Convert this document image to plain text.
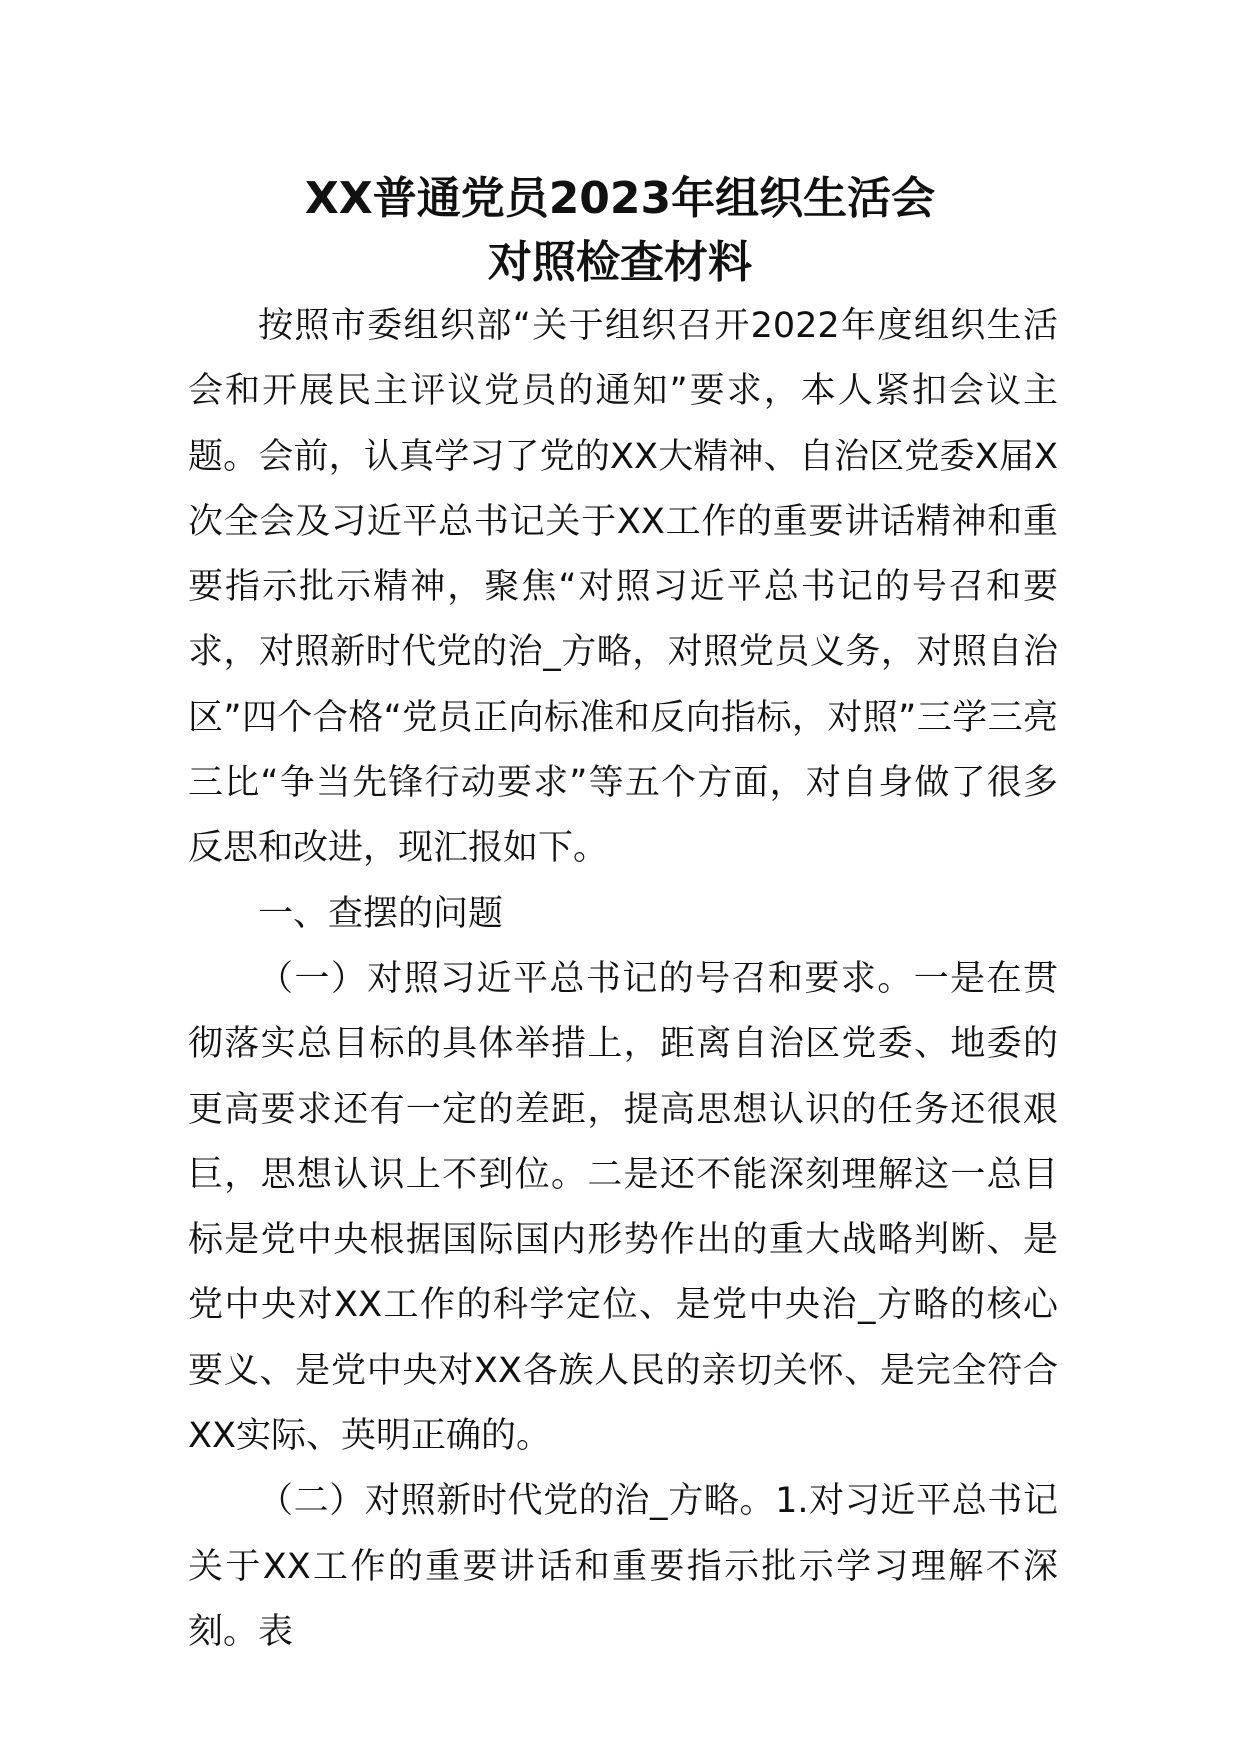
XX普通党员2023年组织生活会
对照检查材料

按照市委组织部“关于组织召开2022年度组织生活会和开展民主评议党员的通知”要求，本人紧扣会议主题。会前，认真学习了党的XX大精神、自治区党委X届X次全会及习近平总书记关于XX工作的重要讲话精神和重要指示批示精神，聚焦“对照习近平总书记的号召和要求，对照新时代党的治_方略，对照党员义务，对照自治区”四个合格“党员正向标准和反向指标，对照”三学三亮三比“争当先锋行动要求”等五个方面，对自身做了很多反思和改进，现汇报如下。

一、查摆的问题

（一）对照习近平总书记的号召和要求。一是在贯彻落实总目标的具体举措上，距离自治区党委、地委的更高要求还有一定的差距，提高思想认识的任务还很艰巨，思想认识上不到位。二是还不能深刻理解这一总目标是党中央根据国际国内形势作出的重大战略判断、是党中央对XX工作的科学定位、是党中央治_方略的核心要义、是党中央对XX各族人民的亲切关怀、是完全符合XX实际、英明正确的。

（二）对照新时代党的治_方略。1.对习近平总书记关于XX工作的重要讲话和重要指示批示学习理解不深刻。表
